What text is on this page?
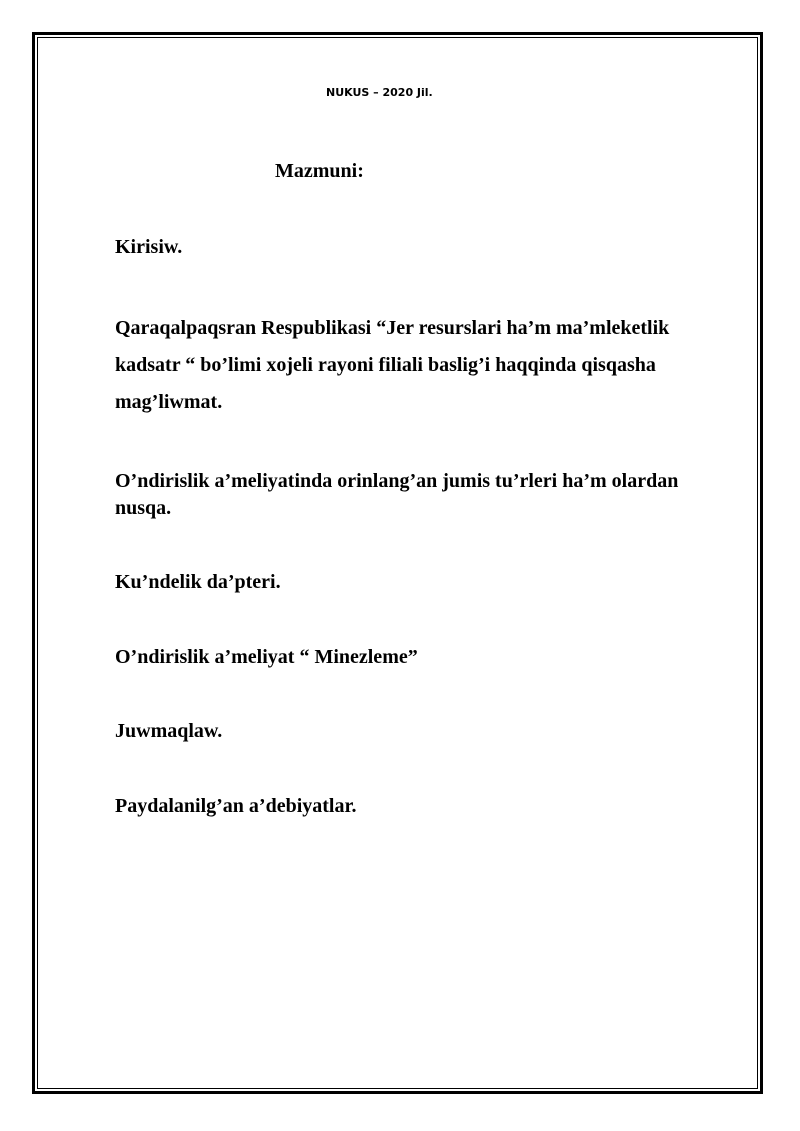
NUKUS – 2020 Jil.
Mazmuni:

Kirisiw.

Qaraqalpaqsran Respublikasi “Jer resurslari ha’m ma’mleketlik kadsatr “ bo’limi xojeli rayoni filiali baslig’i haqqinda qisqasha mag’liwmat.

O’ndirislik a’meliyatinda orinlang’an jumis tu’rleri ha’m olardan nusqa.

Ku’ndelik da’pteri.

O’ndirislik a’meliyat “ Minezleme”

Juwmaqlaw.

Paydalanilg’an a’debiyatlar.
